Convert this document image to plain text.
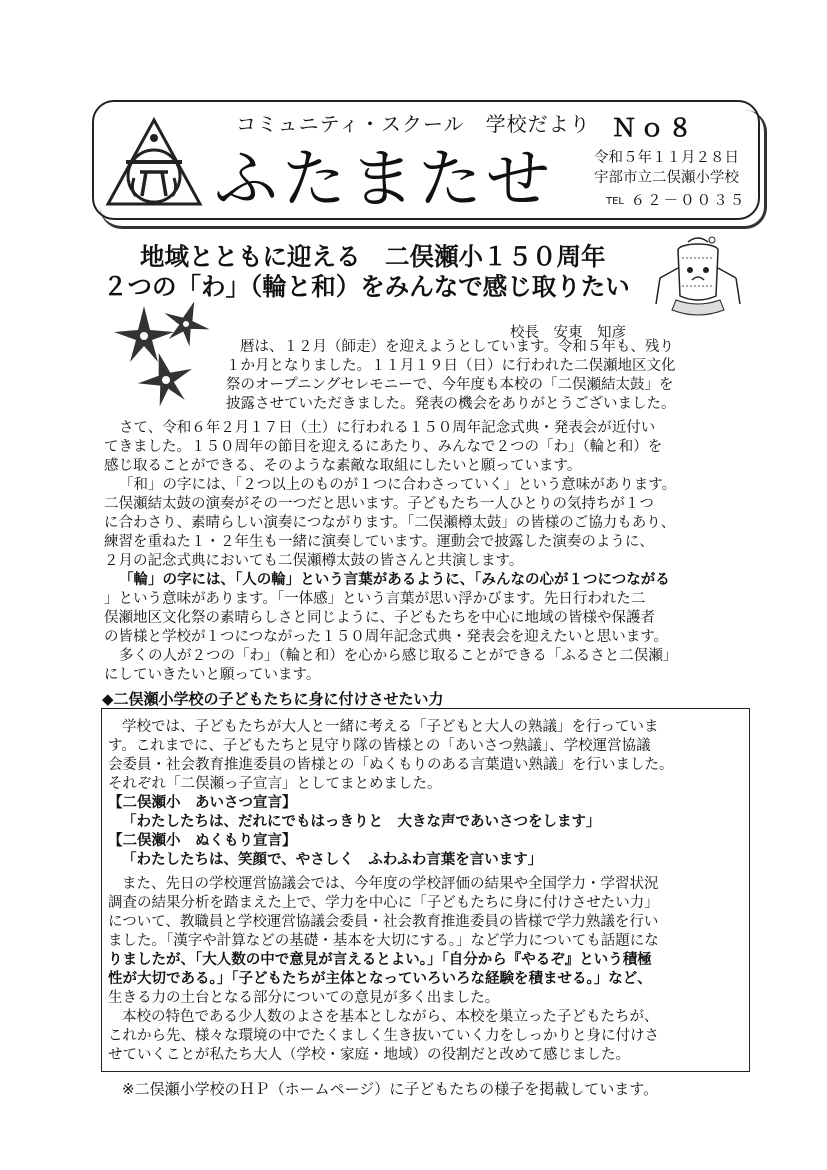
コミュニティ・スクール　学校だより
ふたまたせ
Ｎｏ８
令和５年１１月２８日
宇部市立二俣瀬小学校
TEL ６２－００３５
地域とともに迎える　二俣瀬小１５０周年
２つの「わ」（輪と和）をみんなで感じ取りたい
校長　安東　知彦
暦は、１２月（師走）を迎えようとしています。令和５年も、残り
１か月となりました。１１月１９日（日）に行われた二俣瀬地区文化
祭のオープニングセレモニーで、今年度も本校の「二俣瀬結太鼓」を
披露させていただきました。発表の機会をありがとうございました。
さて、令和６年２月１７日（土）に行われる１５０周年記念式典・発表会が近付い
てきました。１５０周年の節目を迎えるにあたり、みんなで２つの「わ」（輪と和）を
感じ取ることができる、そのような素敵な取組にしたいと願っています。
「和」の字には、「２つ以上のものが１つに合わさっていく」という意味があります。
二俣瀬結太鼓の演奏がその一つだと思います。子どもたち一人ひとりの気持ちが１つ
に合わさり、素晴らしい演奏につながります。「二俣瀬樽太鼓」の皆様のご協力もあり、
練習を重ねた１・２年生も一緒に演奏しています。運動会で披露した演奏のように、
２月の記念式典においても二俣瀬樽太鼓の皆さんと共演します。
「輪」の字には、「人の輪」という言葉があるように、「みんなの心が１つにつながる
」という意味があります。「一体感」という言葉が思い浮かびます。先日行われた二
俣瀬地区文化祭の素晴らしさと同じように、子どもたちを中心に地域の皆様や保護者
の皆様と学校が１つにつながった１５０周年記念式典・発表会を迎えたいと思います。
多くの人が２つの「わ」（輪と和）を心から感じ取ることができる「ふるさと二俣瀬」
にしていきたいと願っています。
◆二俣瀬小学校の子どもたちに身に付けさせたい力
学校では、子どもたちが大人と一緒に考える「子どもと大人の熟議」を行っていま
す。これまでに、子どもたちと見守り隊の皆様との「あいさつ熟議」、学校運営協議
会委員・社会教育推進委員の皆様との「ぬくもりのある言葉遣い熟議」を行いました。
それぞれ「二俣瀬っ子宣言」としてまとめました。
【二俣瀬小　あいさつ宣言】
「わたしたちは、だれにでもはっきりと　大きな声であいさつをします」
【二俣瀬小　ぬくもり宣言】
「わたしたちは、笑顔で、やさしく　ふわふわ言葉を言います」
また、先日の学校運営協議会では、今年度の学校評価の結果や全国学力・学習状況
調査の結果分析を踏まえた上で、学力を中心に「子どもたちに身に付けさせたい力」
について、教職員と学校運営協議会委員・社会教育推進委員の皆様で学力熟議を行い
ました。「漢字や計算などの基礎・基本を大切にする。」など学力についても話題にな
りましたが、「大人数の中で意見が言えるとよい。」「自分から『やるぞ』という積極
性が大切である。」「子どもたちが主体となっていろいろな経験を積ませる。」など、
生きる力の土台となる部分についての意見が多く出ました。
本校の特色である少人数のよさを基本としながら、本校を巣立った子どもたちが、
※二俣瀬小学校のＨＰ（ホームページ）に子どもたちの様子を掲載しています。
これから先、様々な環境の中でたくましく生き抜いていく力をしっかりと身に付けさ
せていくことが私たち大人（学校・家庭・地域）の役割だと改めて感じました。
